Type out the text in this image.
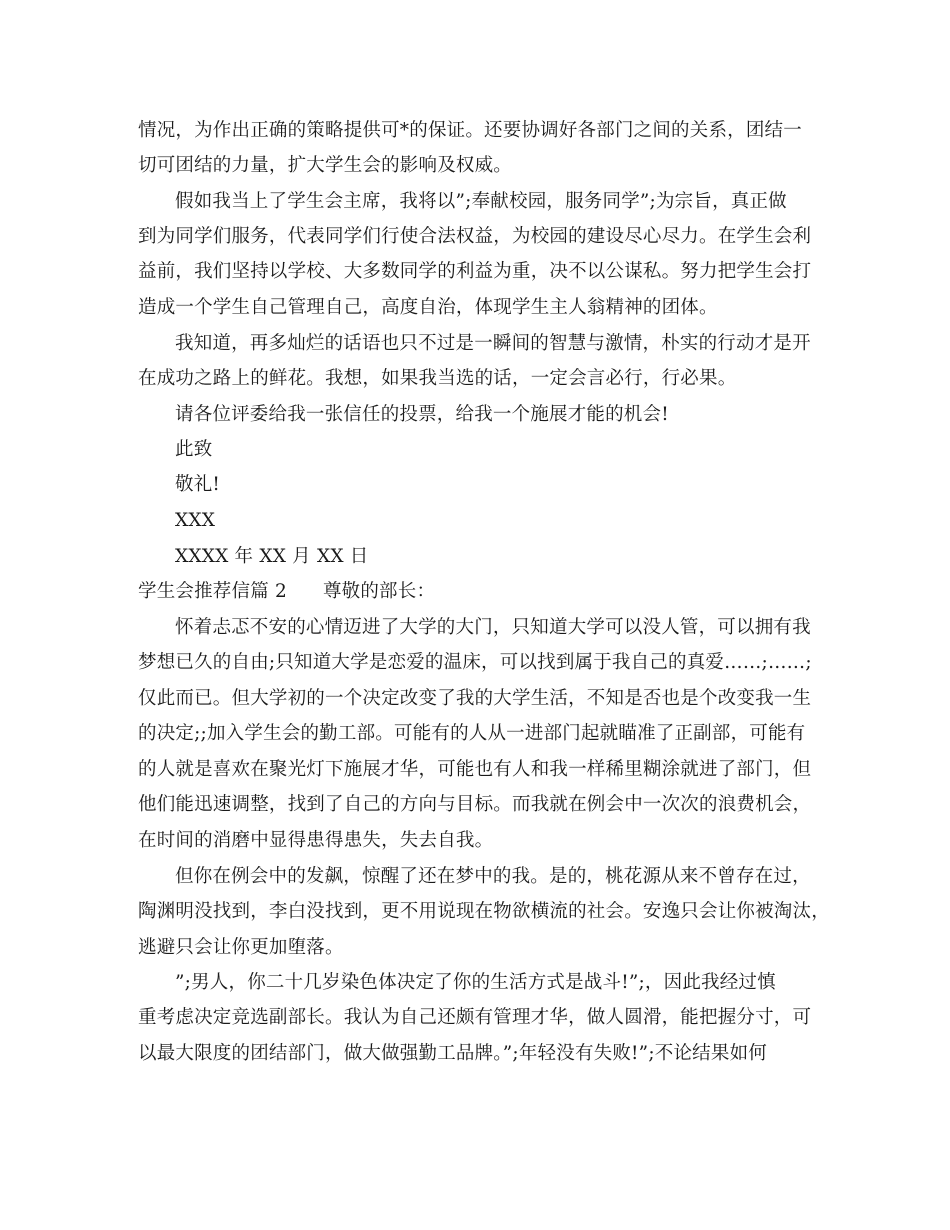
情况，为作出正确的策略提供可*的保证。还要协调好各部门之间的关系，团结一
切可团结的力量，扩大学生会的影响及权威。
假如我当上了学生会主席，我将以”;奉献校园，服务同学”;为宗旨，真正做
到为同学们服务，代表同学们行使合法权益，为校园的建设尽心尽力。在学生会利
益前，我们坚持以学校、大多数同学的利益为重，决不以公谋私。努力把学生会打
造成一个学生自己管理自己，高度自治，体现学生主人翁精神的团体。
我知道，再多灿烂的话语也只不过是一瞬间的智慧与激情，朴实的行动才是开
在成功之路上的鲜花。我想，如果我当选的话，一定会言必行，行必果。
请各位评委给我一张信任的投票，给我一个施展才能的机会!
此致
敬礼!
XXX
XXXX 年 XX 月 XX 日
学生会推荐信篇 2 尊敬的部长：
怀着忐忑不安的心情迈进了大学的大门，只知道大学可以没人管，可以拥有我
梦想已久的自由;只知道大学是恋爱的温床，可以找到属于我自己的真爱……;……;
仅此而已。但大学初的一个决定改变了我的大学生活，不知是否也是个改变我一生
的决定;;加入学生会的勤工部。可能有的人从一进部门起就瞄准了正副部，可能有
的人就是喜欢在聚光灯下施展才华，可能也有人和我一样稀里糊涂就进了部门，但
他们能迅速调整，找到了自己的方向与目标。而我就在例会中一次次的浪费机会，
在时间的消磨中显得患得患失，失去自我。
但你在例会中的发飙，惊醒了还在梦中的我。是的，桃花源从来不曾存在过，
陶渊明没找到，李白没找到，更不用说现在物欲横流的社会。安逸只会让你被淘汰，
逃避只会让你更加堕落。
”;男人，你二十几岁染色体决定了你的生活方式是战斗!”;，因此我经过慎
重考虑决定竞选副部长。我认为自己还颇有管理才华，做人圆滑，能把握分寸，可
以最大限度的团结部门，做大做强勤工品牌。”;年轻没有失败!”;不论结果如何
